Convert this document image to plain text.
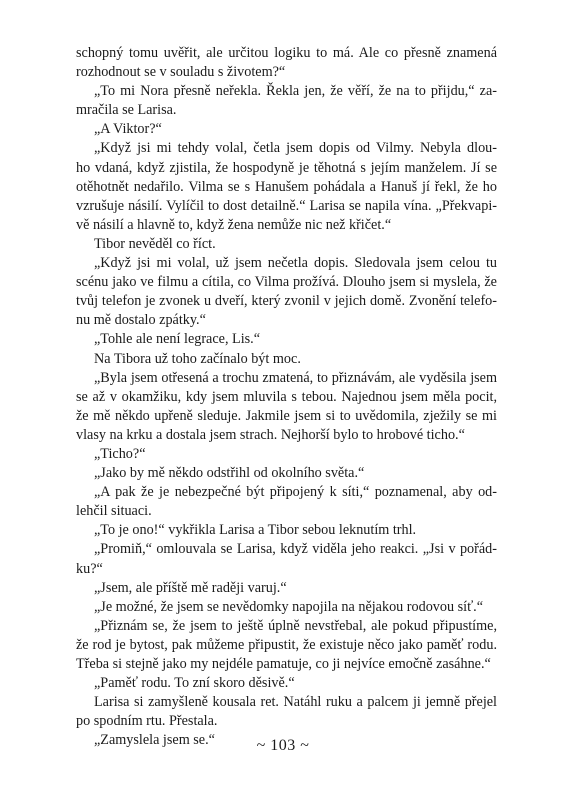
schopný tomu uvěřit, ale určitou logiku to má. Ale co přesně znamená
rozhodnout se v souladu s životem?“
„To mi Nora přesně neřekla. Řekla jen, že věří, že na to přijdu,“ za-
mračila se Larisa.
„A Viktor?“
„Když jsi mi tehdy volal, četla jsem dopis od Vilmy. Nebyla dlou-
ho vdaná, když zjistila, že hospodyně je těhotná s jejím manželem. Jí se
otěhotnět nedařilo. Vilma se s Hanušem pohádala a Hanuš jí řekl, že ho
vzrušuje násilí. Vylíčil to dost detailně.“ Larisa se napila vína. „Překvapi-
vě násilí a hlavně to, když žena nemůže nic než křičet.“
Tibor nevěděl co říct.
„Když jsi mi volal, už jsem nečetla dopis. Sledovala jsem celou tu
scénu jako ve filmu a cítila, co Vilma prožívá. Dlouho jsem si myslela, že
tvůj telefon je zvonek u dveří, který zvonil v jejich domě. Zvonění telefo-
nu mě dostalo zpátky.“
„Tohle ale není legrace, Lis.“
Na Tibora už toho začínalo být moc.
„Byla jsem otřesená a trochu zmatená, to přiznávám, ale vyděsila jsem
se až v okamžiku, kdy jsem mluvila s tebou. Najednou jsem měla pocit,
že mě někdo upřeně sleduje. Jakmile jsem si to uvědomila, zježily se mi
vlasy na krku a dostala jsem strach. Nejhorší bylo to hrobové ticho.“
„Ticho?“
„Jako by mě někdo odstřihl od okolního světa.“
„A pak že je nebezpečné být připojený k síti,“ poznamenal, aby od-
lehčil situaci.
„To je ono!“ vykřikla Larisa a Tibor sebou leknutím trhl.
„Promiň,“ omlouvala se Larisa, když viděla jeho reakci. „Jsi v pořád-
ku?“
„Jsem, ale příště mě raději varuj.“
„Je možné, že jsem se nevědomky napojila na nějakou rodovou síť.“
„Přiznám se, že jsem to ještě úplně nevstřebal, ale pokud připustíme,
že rod je bytost, pak můžeme připustit, že existuje něco jako paměť rodu.
Třeba si stejně jako my nejdéle pamatuje, co ji nejvíce emočně zasáhne.“
„Paměť rodu. To zní skoro děsivě.“
Larisa si zamyšleně kousala ret. Natáhl ruku a palcem ji jemně přejel
po spodním rtu. Přestala.
„Zamyslela jsem se.“	~ 103 ~
